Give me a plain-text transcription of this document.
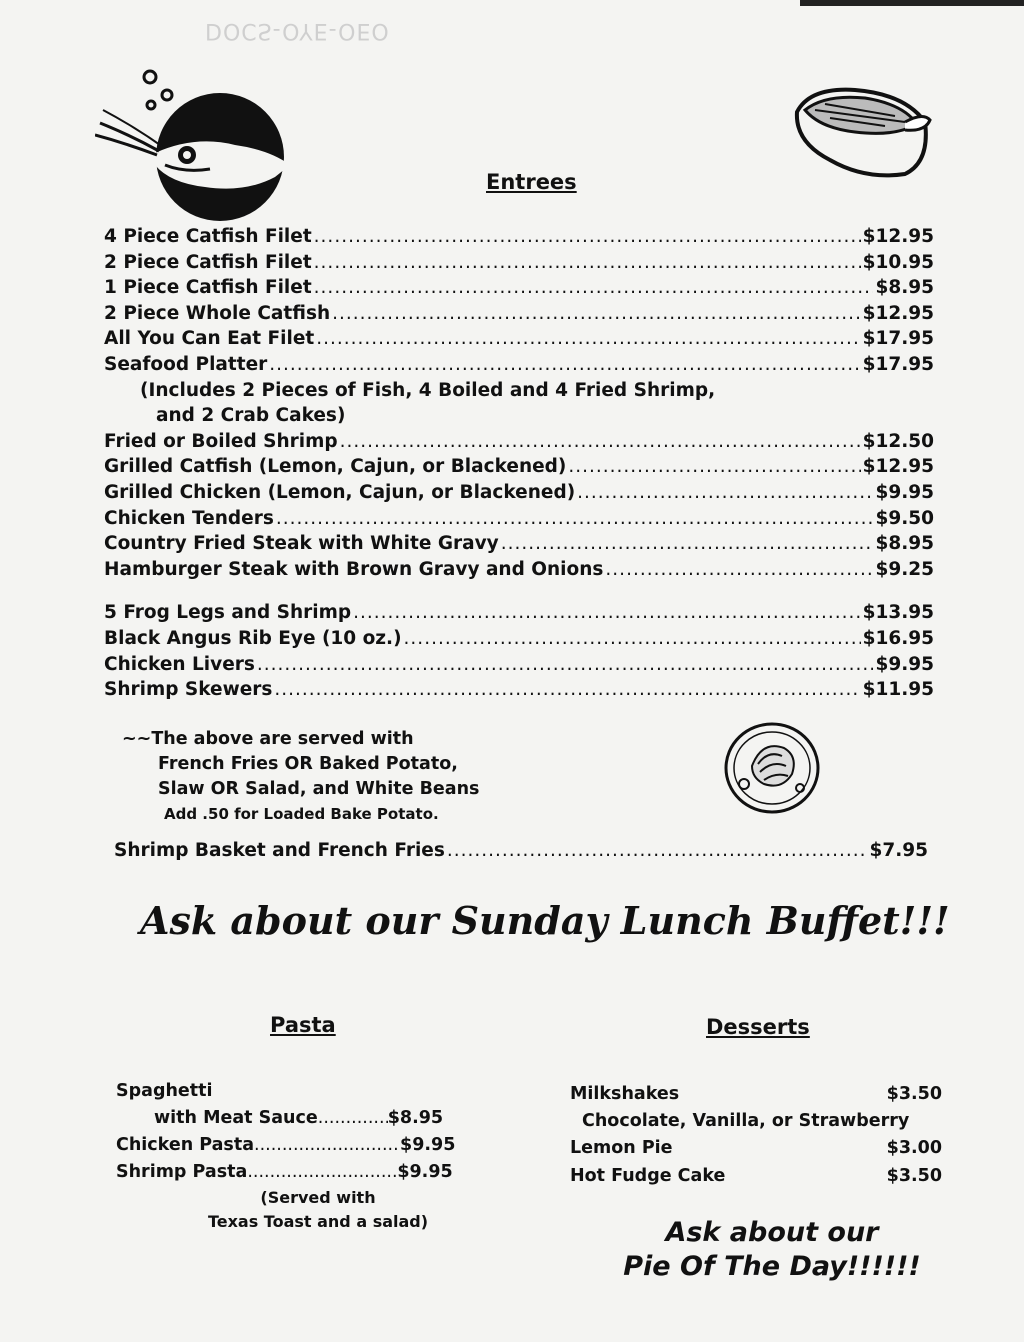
DOCS-OYE-OEO
Entrees
4 Piece Catfish Filet .....	$12.95
2 Piece Catfish Filet .....	$10.95
1 Piece Catfish Filet .....	$8.95
2 Piece Whole Catfish .....	$12.95
All You Can Eat Filet .....	$17.95
Seafood Platter .....	$17.95
(Includes 2 Pieces of Fish, 4 Boiled and 4 Fried Shrimp,
and 2 Crab Cakes)
Fried or Boiled Shrimp .....	$12.50
Grilled Catfish (Lemon, Cajun, or Blackened) .....	$12.95
Grilled Chicken (Lemon, Cajun, or Blackened) .....	$9.95
Chicken Tenders .....	$9.50
Country Fried Steak with White Gravy .....	$8.95
Hamburger Steak with Brown Gravy and Onions .....	$9.25
5 Frog Legs and Shrimp .....	$13.95
Black Angus Rib Eye (10 oz.) .....	$16.95
Chicken Livers .....	$9.95
Shrimp Skewers .....	$11.95
~~The above are served with
French Fries OR Baked Potato,
Slaw OR Salad, and White Beans
Add .50 for Loaded Bake Potato.
Shrimp Basket and French Fries .....	$7.95
Ask about our Sunday Lunch Buffet!!!
Pasta	Desserts
Spaghetti
with Meat Sauce .....	$8.95
Chicken Pasta .....	$9.95
Shrimp Pasta .....	$9.95
(Served with
Texas Toast and a salad)
Milkshakes	$3.50
Chocolate, Vanilla, or Strawberry
Lemon Pie	$3.00
Hot Fudge Cake	$3.50
Ask about our
Pie Of The Day!!!!!!
